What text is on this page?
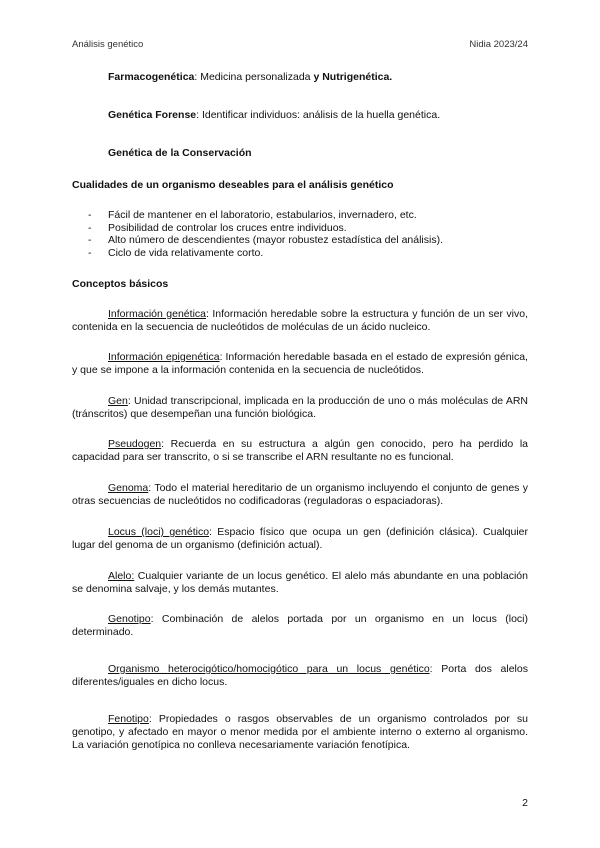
Análisis genético	Nidia 2023/24
Farmacogenética: Medicina personalizada y Nutrigenética.
Genética Forense: Identificar individuos: análisis de la huella genética.
Genética de la Conservación
Cualidades de un organismo deseables para el análisis genético
- Fácil de mantener en el laboratorio, estabularios, invernadero, etc.
- Posibilidad de controlar los cruces entre individuos.
- Alto número de descendientes (mayor robustez estadística del análisis).
- Ciclo de vida relativamente corto.
Conceptos básicos
Información genética: Información heredable sobre la estructura y función de un ser vivo, contenida en la secuencia de nucleótidos de moléculas de un ácido nucleico.
Información epigenética: Información heredable basada en el estado de expresión génica, y que se impone a la información contenida en la secuencia de nucleótidos.
Gen: Unidad transcripcional, implicada en la producción de uno o más moléculas de ARN (tránscritos) que desempeñan una función biológica.
Pseudogen: Recuerda en su estructura a algún gen conocido, pero ha perdido la capacidad para ser transcrito, o si se transcribe el ARN resultante no es funcional.
Genoma: Todo el material hereditario de un organismo incluyendo el conjunto de genes y otras secuencias de nucleótidos no codificadoras (reguladoras o espaciadoras).
Locus (loci) genético: Espacio físico que ocupa un gen (definición clásica). Cualquier lugar del genoma de un organismo (definición actual).
Alelo: Cualquier variante de un locus genético. El alelo más abundante en una población se denomina salvaje, y los demás mutantes.
Genotipo: Combinación de alelos portada por un organismo en un locus (loci) determinado.
Organismo heterocigótico/homocigótico para un locus genético: Porta dos alelos diferentes/iguales en dicho locus.
Fenotipo: Propiedades o rasgos observables de un organismo controlados por su genotipo, y afectado en mayor o menor medida por el ambiente interno o externo al organismo. La variación genotípica no conlleva necesariamente variación fenotípica.
2
